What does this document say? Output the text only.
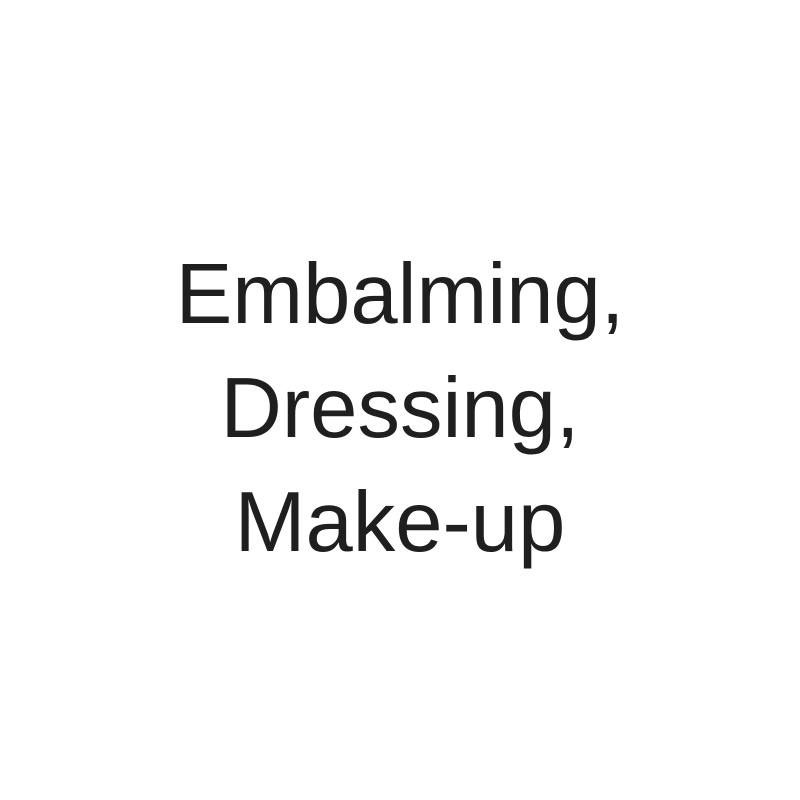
Embalming,
Dressing,
Make-up
